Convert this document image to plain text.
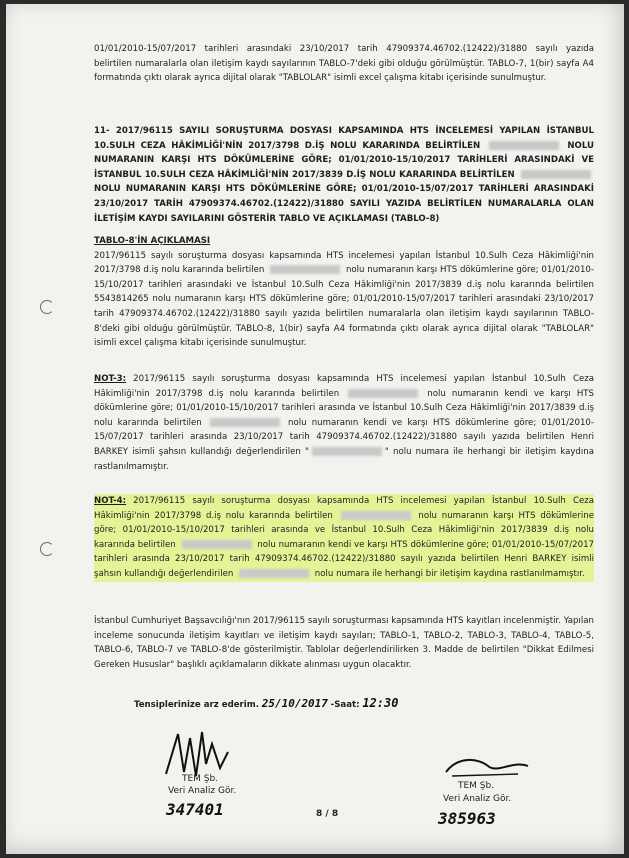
01/01/2010-15/07/2017 tarihleri arasındaki 23/10/2017 tarih 47909374.46702.(12422)/31880 sayılı yazıda belirtilen numaralarla olan iletişim kaydı sayılarının TABLO-7'deki gibi olduğu görülmüştür. TABLO-7, 1(bir) sayfa A4 formatında çıktı olarak ayrıca dijital olarak "TABLOLAR" isimli excel çalışma kitabı içerisinde sunulmuştur.

11- 2017/96115 SAYILI SORUŞTURMA DOSYASI KAPSAMINDA HTS İNCELEMESİ YAPILAN İSTANBUL 10.SULH CEZA HÂKİMLİĞİ'NİN 2017/3798 D.İŞ NOLU KARARINDA BELİRTİLEN	NOLU NUMARANIN KARŞI HTS DÖKÜMLERİNE GÖRE; 01/01/2010-15/10/2017 TARİHLERİ ARASINDAKİ VE İSTANBUL 10.SULH CEZA HÂKİMLİĞİ'NİN 2017/3839 D.İŞ NOLU KARARINDA BELİRTİLEN  NOLU NUMARANIN KARŞI HTS DÖKÜMLERİNE GÖRE; 01/01/2010-15/07/2017 TARİHLERİ ARASINDAKİ 23/10/2017 TARİH 47909374.46702.(12422)/31880 SAYILI YAZIDA BELİRTİLEN NUMARALARLA OLAN İLETİŞİM KAYDI SAYILARINI GÖSTERİR TABLO VE AÇIKLAMASI (TABLO-8)

TABLO-8'İN AÇIKLAMASI

2017/96115 sayılı soruşturma dosyası kapsamında HTS incelemesi yapılan İstanbul 10.Sulh Ceza Hâkimliği'nin 2017/3798 d.iş nolu kararında belirtilen	nolu numaranın karşı HTS dökümlerine göre; 01/01/2010-15/10/2017 tarihleri arasındaki ve İstanbul 10.Sulh Ceza Hâkimliği'nin 2017/3839 d.iş nolu kararında belirtilen 5543814265 nolu numaranın karşı HTS dökümlerine göre; 01/01/2010-15/07/2017 tarihleri arasındaki 23/10/2017 tarih 47909374.46702.(12422)/31880 sayılı yazıda belirtilen numaralarla olan iletişim kaydı sayılarının TABLO-8'deki gibi olduğu görülmüştür. TABLO-8, 1(bir) sayfa A4 formatında çıktı olarak ayrıca dijital olarak "TABLOLAR" isimli excel çalışma kitabı içerisinde sunulmuştur.

NOT-3: 2017/96115 sayılı soruşturma dosyası kapsamında HTS incelemesi yapılan İstanbul 10.Sulh Ceza Hâkimliği'nin 2017/3798 d.iş nolu kararında belirtilen	nolu numaranın kendi ve karşı HTS dökümlerine göre; 01/01/2010-15/10/2017 tarihleri arasında ve İstanbul 10.Sulh Ceza Hâkimliği'nin 2017/3839 d.iş nolu kararında belirtilen	nolu numaranın kendi ve karşı HTS dökümlerine göre; 01/01/2010-15/07/2017 tarihleri arasında 23/10/2017 tarih 47909374.46702.(12422)/31880 sayılı yazıda belirtilen Henri BARKEY isimli şahsın kullandığı değerlendirilen "	" nolu numara ile herhangi bir iletişim kaydına rastlanılmamıştır.

NOT-4: 2017/96115 sayılı soruşturma dosyası kapsamında HTS incelemesi yapılan İstanbul 10.Sulh Ceza Hâkimliği'nin 2017/3798 d.iş nolu kararında belirtilen	nolu numaranın karşı HTS dökümlerine göre; 01/01/2010-15/10/2017 tarihleri arasında ve İstanbul 10.Sulh Ceza Hâkimliği'nin 2017/3839 d.iş nolu kararında belirtilen	nolu numaranın kendi ve karşı HTS dökümlerine göre; 01/01/2010-15/07/2017 tarihleri arasında 23/10/2017 tarih 47909374.46702.(12422)/31880 sayılı yazıda belirtilen Henri BARKEY isimli şahsın kullandığı değerlendirilen	nolu numara ile herhangi bir iletişim kaydına rastlanılmamıştır.

İstanbul Cumhuriyet Başsavcılığı'nın 2017/96115 sayılı soruşturması kapsamında HTS kayıtları incelenmiştir. Yapılan inceleme sonucunda iletişim kayıtları ve iletişim kaydı sayıları; TABLO-1, TABLO-2, TABLO-3, TABLO-4, TABLO-5, TABLO-6, TABLO-7 ve TABLO-8'de gösterilmiştir. Tablolar değerlendirilirken 3. Madde de belirtilen "Dikkat Edilmesi Gereken Hususlar" başlıklı açıklamaların dikkate alınması uygun olacaktır.

Tensiplerinize arz ederim. 25/10/2017 -Saat: 12:30

TEM Şb.
Veri Analiz Gör.
347401
TEM Şb.
Veri Analiz Gör.
385963
8 / 8
